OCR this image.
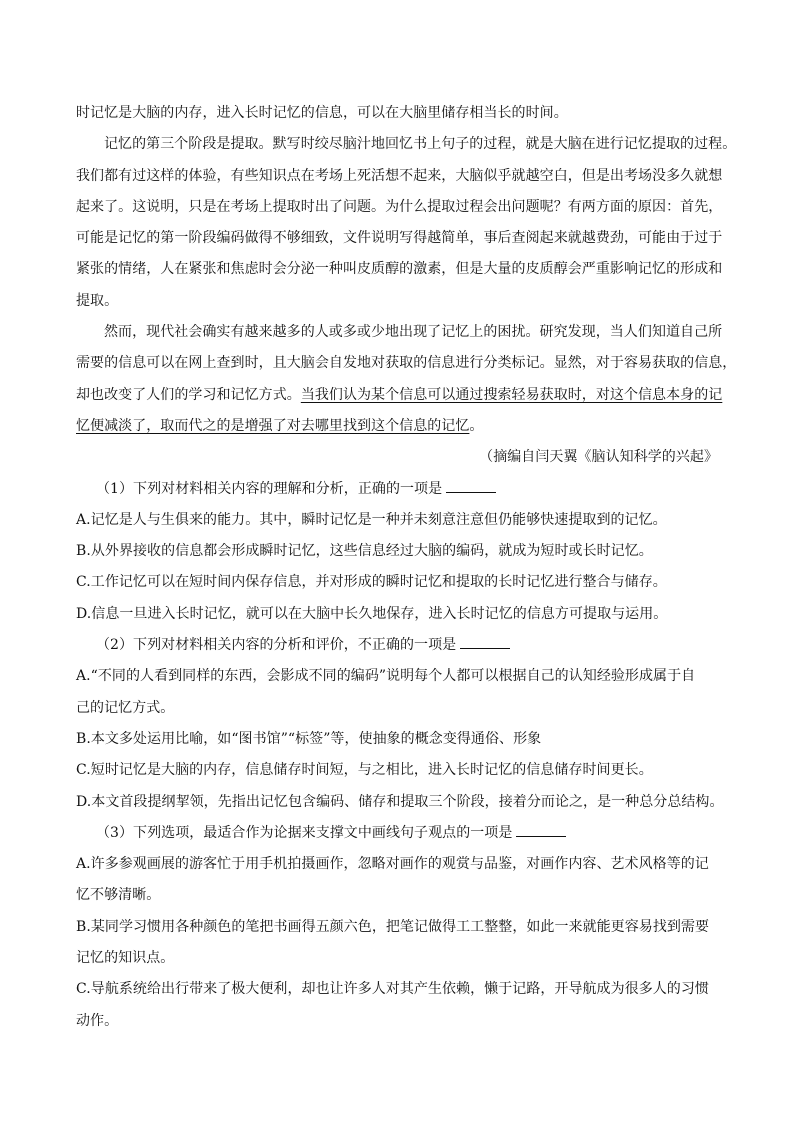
时记忆是大脑的内存，进入长时记忆的信息，可以在大脑里储存相当长的时间。
记忆的第三个阶段是提取。默写时绞尽脑汁地回忆书上句子的过程，就是大脑在进行记忆提取的过程。
我们都有过这样的体验，有些知识点在考场上死活想不起来，大脑似乎就越空白，但是出考场没多久就想
起来了。这说明，只是在考场上提取时出了问题。为什么提取过程会出问题呢？有两方面的原因：首先，
可能是记忆的第一阶段编码做得不够细致，文件说明写得越简单，事后查阅起来就越费劲，可能由于过于
紧张的情绪，人在紧张和焦虑时会分泌一种叫皮质醇的激素，但是大量的皮质醇会严重影响记忆的形成和
提取。
然而，现代社会确实有越来越多的人或多或少地出现了记忆上的困扰。研究发现，当人们知道自己所
需要的信息可以在网上查到时，且大脑会自发地对获取的信息进行分类标记。显然，对于容易获取的信息，
却也改变了人们的学习和记忆方式。当我们认为某个信息可以通过搜索轻易获取时，对这个信息本身的记
忆便减淡了，取而代之的是增强了对去哪里找到这个信息的记忆。
（摘编自闫天翼《脑认知科学的兴起》
（1）下列对材料相关内容的理解和分析，正确的一项是
A.记忆是人与生俱来的能力。其中，瞬时记忆是一种并未刻意注意但仍能够快速提取到的记忆。
B.从外界接收的信息都会形成瞬时记忆，这些信息经过大脑的编码，就成为短时或长时记忆。
C.工作记忆可以在短时间内保存信息，并对形成的瞬时记忆和提取的长时记忆进行整合与储存。
D.信息一旦进入长时记忆，就可以在大脑中长久地保存，进入长时记忆的信息方可提取与运用。
（2）下列对材料相关内容的分析和评价，不正确的一项是
A.“不同的人看到同样的东西，会影成不同的编码”说明每个人都可以根据自己的认知经验形成属于自
己的记忆方式。
B.本文多处运用比喻，如“图书馆”“标签”等，使抽象的概念变得通俗、形象
C.短时记忆是大脑的内存，信息储存时间短，与之相比，进入长时记忆的信息储存时间更长。
D.本文首段提纲挈领，先指出记忆包含编码、储存和提取三个阶段，接着分而论之，是一种总分总结构。
（3）下列选项，最适合作为论据来支撑文中画线句子观点的一项是
A.许多参观画展的游客忙于用手机拍摄画作，忽略对画作的观赏与品鉴，对画作内容、艺术风格等的记
忆不够清晰。
B.某同学习惯用各种颜色的笔把书画得五颜六色，把笔记做得工工整整，如此一来就能更容易找到需要
记忆的知识点。
C.导航系统给出行带来了极大便利，却也让许多人对其产生依赖，懒于记路，开导航成为很多人的习惯
动作。
